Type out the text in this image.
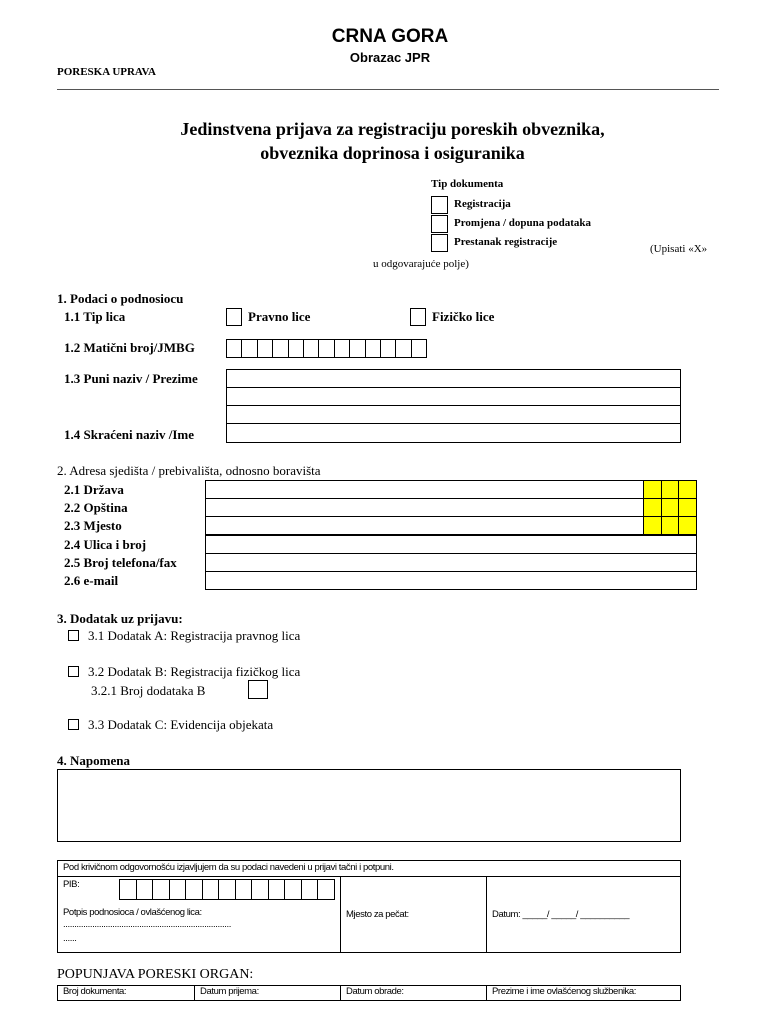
CRNA GORA
Obrazac JPR
PORESKA UPRAVA
Jedinstvena prijava za registraciju poreskih obveznika,
obveznika doprinosa i osiguranika
Tip dokumenta
Registracija
Promjena / dopuna podataka
Prestanak registracije
(Upisati «X»
u odgovarajuće polje)
1. Podaci o podnosiocu
1.1 Tip lica	Pravno lice	Fizičko lice
1.2 Matični broj/JMBG
1.3 Puni naziv / Prezime
1.4 Skraćeni naziv /Ime
2. Adresa sjedišta / prebivališta, odnosno boravišta
2.1 Država
2.2 Opština
2.3 Mjesto
2.4 Ulica i broj
2.5 Broj telefona/fax
2.6 e-mail
3. Dodatak uz prijavu:
3.1 Dodatak A: Registracija pravnog lica
3.2 Dodatak B: Registracija fizičkog lica
3.2.1 Broj dodataka B
3.3 Dodatak C: Evidencija objekata
4. Napomena
Pod krivičnom odgovornošću izjavljujem da su podaci navedeni u prijavi tačni i potpuni.

PIB:
Potpis podnosioca / ovlašćenog lica: ...........................................................................
......
	Mjesto za pečat:	Datum: _____/ _____/ __________
POPUNJAVA PORESKI ORGAN:
Broj dokumenta:	Datum prijema:	Datum obrade:	Prezime i ime ovlašćenog službenika:
